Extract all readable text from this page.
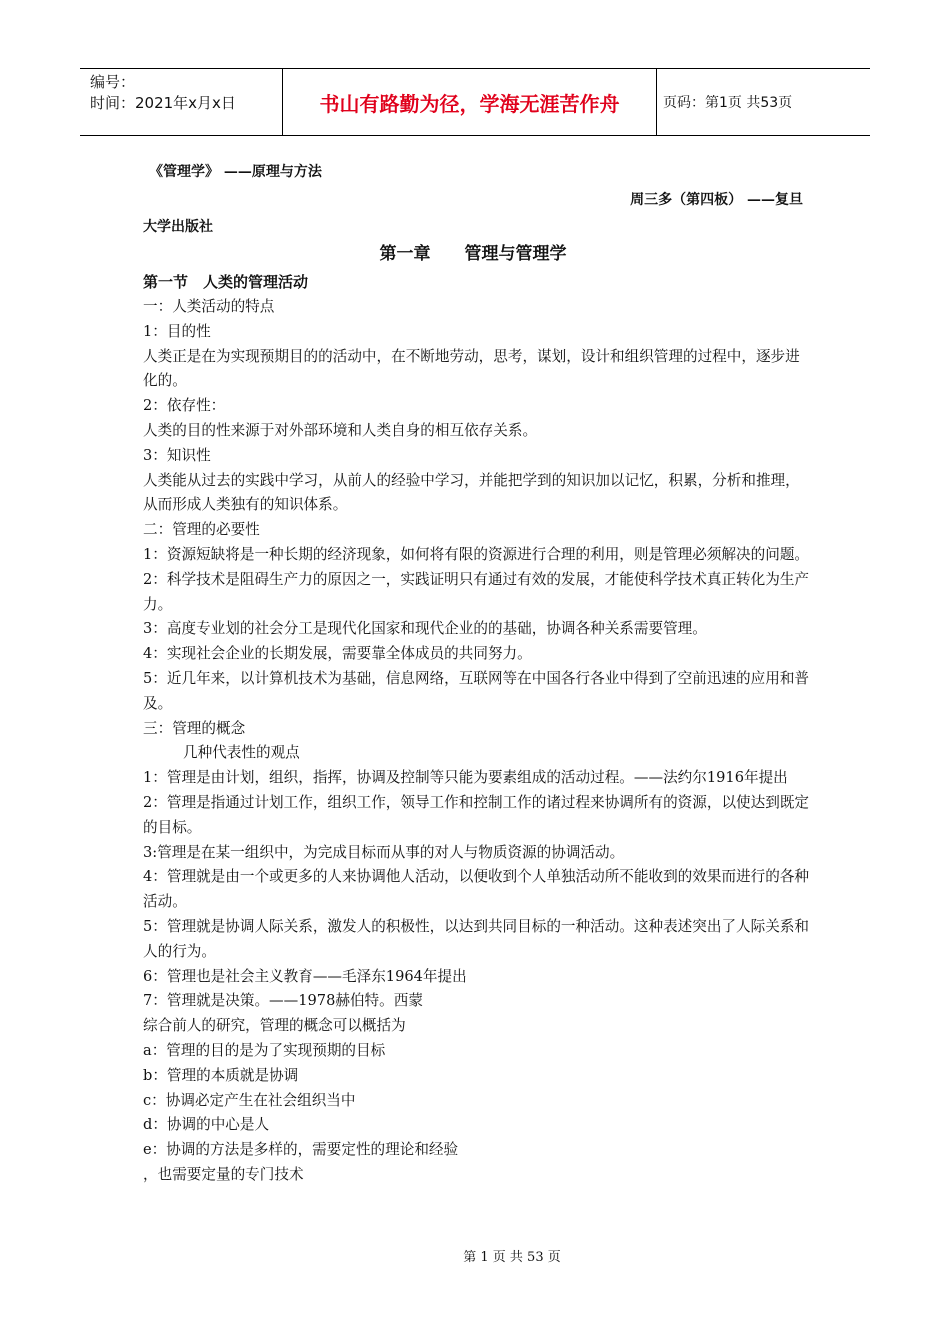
编号：
时间：2021年x月x日	书山有路勤为径，学海无涯苦作舟	页码：第1页 共53页
《管理学》 ——原理与方法
周三多（第四板） ——复旦
大学出版社
第一章　　管理与管理学
第一节　人类的管理活动

一：人类活动的特点

1：目的性

人类正是在为实现预期目的的活动中，在不断地劳动，思考，谋划，设计和组织管理的过程中，逐步进化的。

2：依存性：

人类的目的性来源于对外部环境和人类自身的相互依存关系。

3：知识性

人类能从过去的实践中学习，从前人的经验中学习，并能把学到的知识加以记忆，积累，分析和推理，从而形成人类独有的知识体系。

二：管理的必要性

1：资源短缺将是一种长期的经济现象，如何将有限的资源进行合理的利用，则是管理必须解决的问题。

2：科学技术是阻碍生产力的原因之一，实践证明只有通过有效的发展，才能使科学技术真正转化为生产力。

3：高度专业划的社会分工是现代化国家和现代企业的的基础，协调各种关系需要管理。

4：实现社会企业的长期发展，需要靠全体成员的共同努力。

5：近几年来，以计算机技术为基础，信息网络，互联网等在中国各行各业中得到了空前迅速的应用和普及。

三：管理的概念

几种代表性的观点

1：管理是由计划，组织，指挥，协调及控制等只能为要素组成的活动过程。——法约尔1916年提出

2：管理是指通过计划工作，组织工作，领导工作和控制工作的诸过程来协调所有的资源，以使达到既定的目标。

3:管理是在某一组织中，为完成目标而从事的对人与物质资源的协调活动。

4：管理就是由一个或更多的人来协调他人活动，以便收到个人单独活动所不能收到的效果而进行的各种活动。

5：管理就是协调人际关系，激发人的积极性，以达到共同目标的一种活动。这种表述突出了人际关系和人的行为。

6：管理也是社会主义教育——毛泽东1964年提出

7：管理就是决策。——1978赫伯特。西蒙

综合前人的研究，管理的概念可以概括为

a：管理的目的是为了实现预期的目标

b：管理的本质就是协调

c：协调必定产生在社会组织当中

d：协调的中心是人

e：协调的方法是多样的，需要定性的理论和经验

，也需要定量的专门技术

第 1 页 共 53 页
